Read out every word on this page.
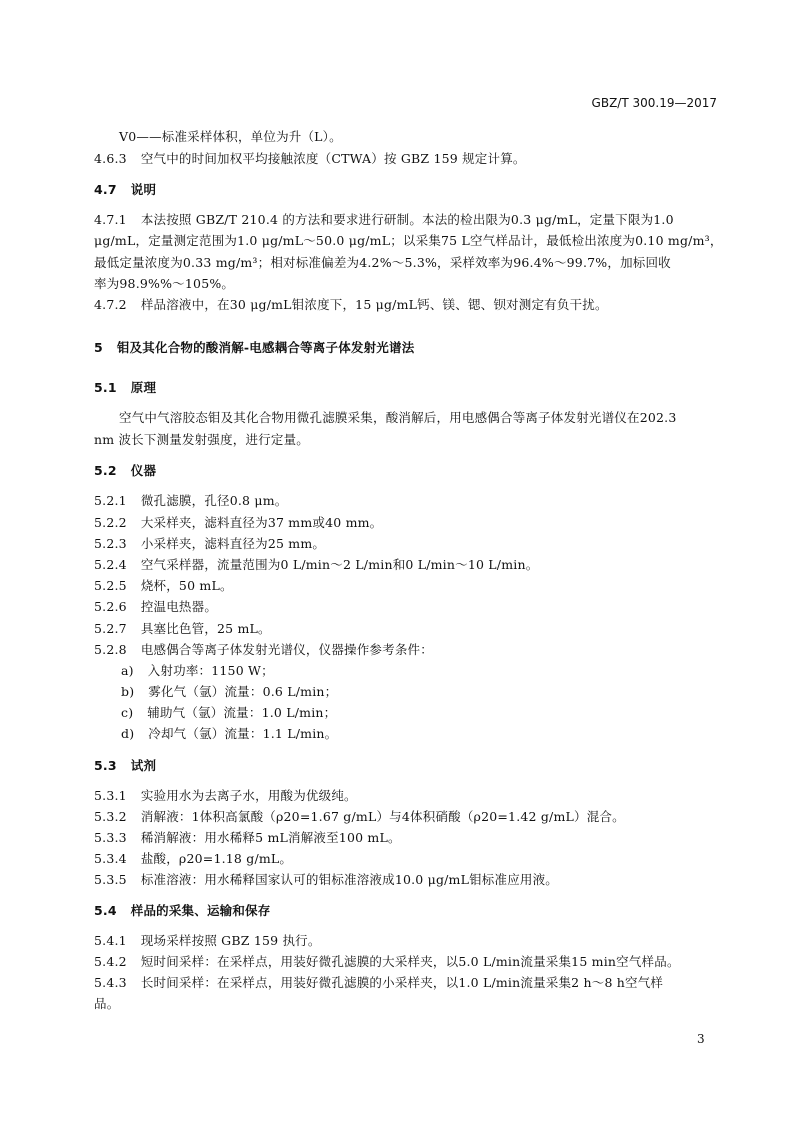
GBZ/T 300.19—2017
V0——标准采样体积，单位为升（L）。
4.6.3 空气中的时间加权平均接触浓度（CTWA）按 GBZ 159 规定计算。
4.7 说明
4.7.1 本法按照 GBZ/T 210.4 的方法和要求进行研制。本法的检出限为0.3 μg/mL，定量下限为1.0
μg/mL，定量测定范围为1.0 μg/mL～50.0 μg/mL；以采集75 L空气样品计，最低检出浓度为0.10 mg/m³，
最低定量浓度为0.33 mg/m³；相对标准偏差为4.2%～5.3%，采样效率为96.4%～99.7%，加标回收
率为98.9%%～105%。
4.7.2 样品溶液中，在30 μg/mL钼浓度下，15 μg/mL钙、镁、锶、钡对测定有负干扰。
5 钼及其化合物的酸消解-电感耦合等离子体发射光谱法
5.1 原理
空气中气溶胶态钼及其化合物用微孔滤膜采集，酸消解后，用电感偶合等离子体发射光谱仪在202.3
nm 波长下测量发射强度，进行定量。
5.2 仪器
5.2.1 微孔滤膜，孔径0.8 μm。
5.2.2 大采样夹，滤料直径为37 mm或40 mm。
5.2.3 小采样夹，滤料直径为25 mm。
5.2.4 空气采样器，流量范围为0 L/min～2 L/min和0 L/min～10 L/min。
5.2.5 烧杯，50 mL。
5.2.6 控温电热器。
5.2.7 具塞比色管，25 mL。
5.2.8 电感偶合等离子体发射光谱仪，仪器操作参考条件：
a) 入射功率：1150 W；
b) 雾化气（氩）流量：0.6 L/min；
c) 辅助气（氩）流量：1.0 L/min；
d) 冷却气（氩）流量：1.1 L/min。
5.3 试剂
5.3.1 实验用水为去离子水，用酸为优级纯。
5.3.2 消解液：1体积高氯酸（ρ20=1.67 g/mL）与4体积硝酸（ρ20=1.42 g/mL）混合。
5.3.3 稀消解液：用水稀释5 mL消解液至100 mL。
5.3.4 盐酸，ρ20=1.18 g/mL。
5.3.5 标准溶液：用水稀释国家认可的钼标准溶液成10.0 μg/mL钼标准应用液。
5.4 样品的采集、运输和保存
5.4.1 现场采样按照 GBZ 159 执行。
5.4.2 短时间采样：在采样点，用装好微孔滤膜的大采样夹，以5.0 L/min流量采集15 min空气样品。
5.4.3 长时间采样：在采样点，用装好微孔滤膜的小采样夹，以1.0 L/min流量采集2 h～8 h空气样
品。
3
